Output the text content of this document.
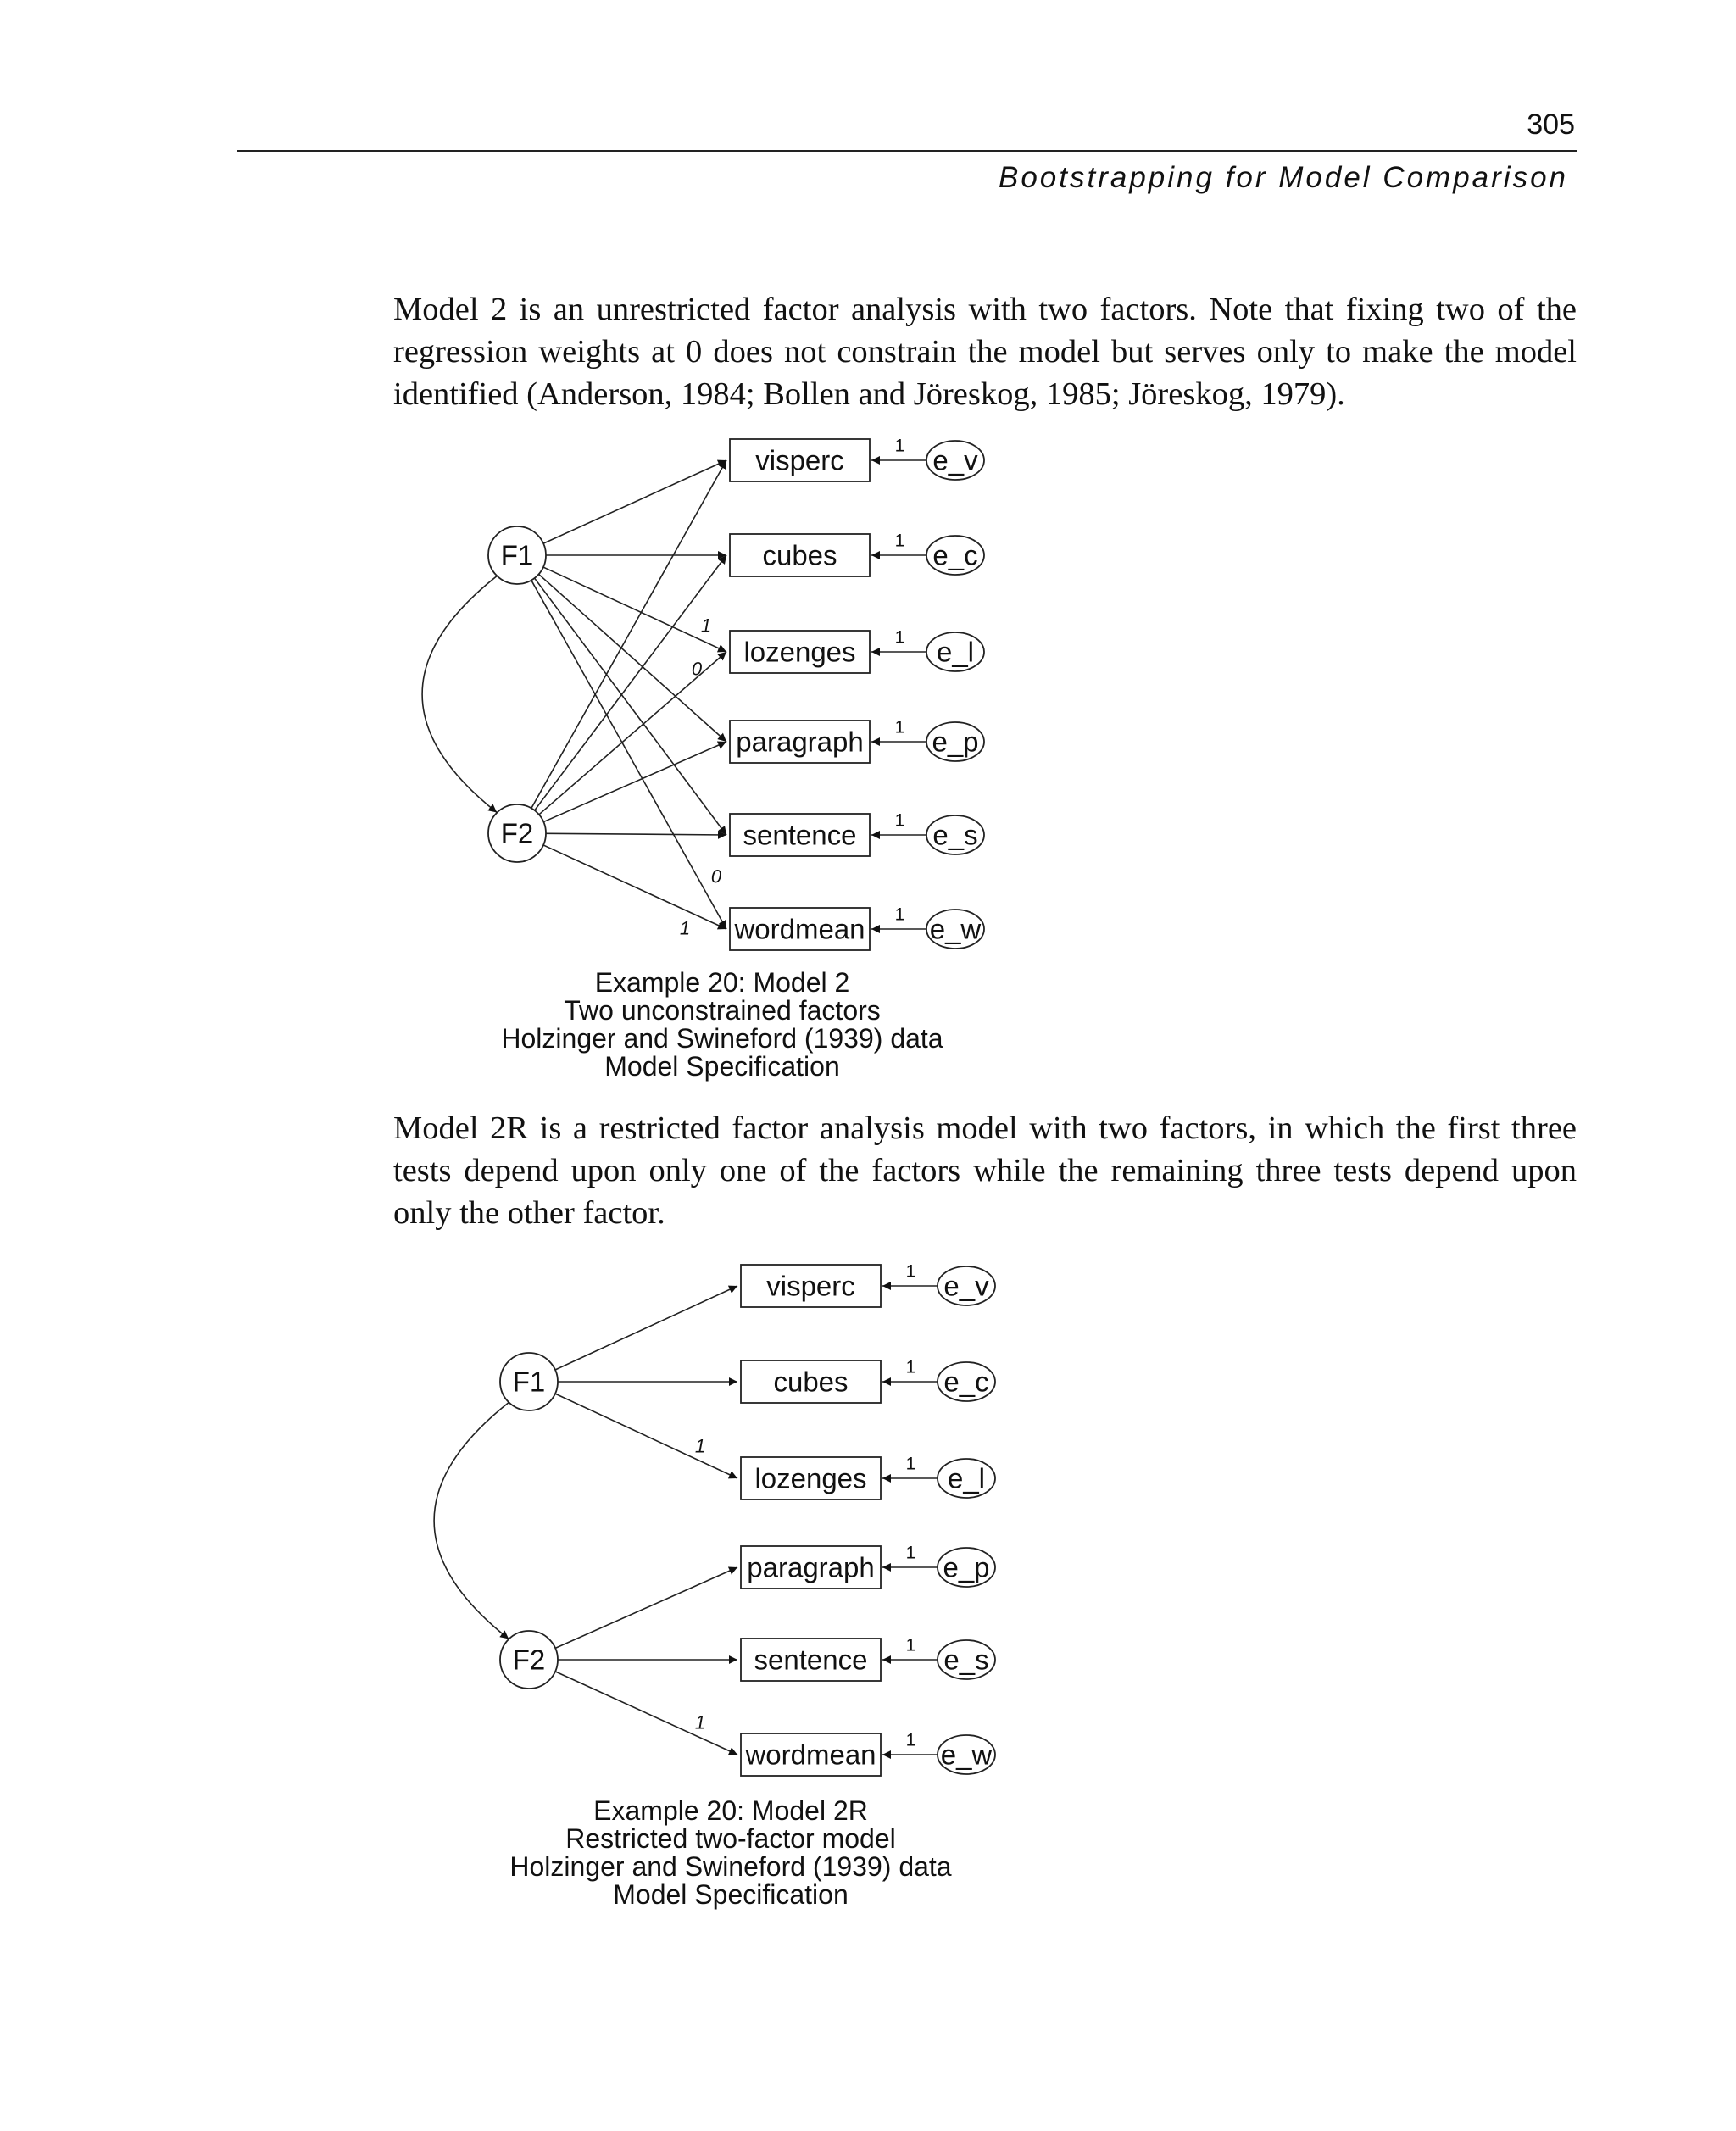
305
Bootstrapping for Model Comparison

Model 2 is an unrestricted factor analysis with two factors. Note that fixing two of the
regression weights at 0 does not constrain the model but serves only to make the model
identified (Anderson, 1984; Bollen and Jöreskog, 1985; Jöreskog, 1979).

F1
F2
visperc	1 e_v
cubes	1 e_c
lozenges 1 e_l
paragraph 1 e_p
sentence 1 e_s
wordmean 1 e_w
1
0
0
1
Example 20: Model 2
Two unconstrained factors
Holzinger and Swineford (1939) data
Model Specification

Model 2R is a restricted factor analysis model with two factors, in which the first three
tests depend upon only one of the factors while the remaining three tests depend upon
only the other factor.

F1
F2
visperc	1 e_v
cubes	1 e_c
lozenges 1 e_l
paragraph 1 e_p
sentence 1 e_s
wordmean 1 e_w
1
1
Example 20: Model 2R
Restricted two-factor model
Holzinger and Swineford (1939) data
Model Specification
